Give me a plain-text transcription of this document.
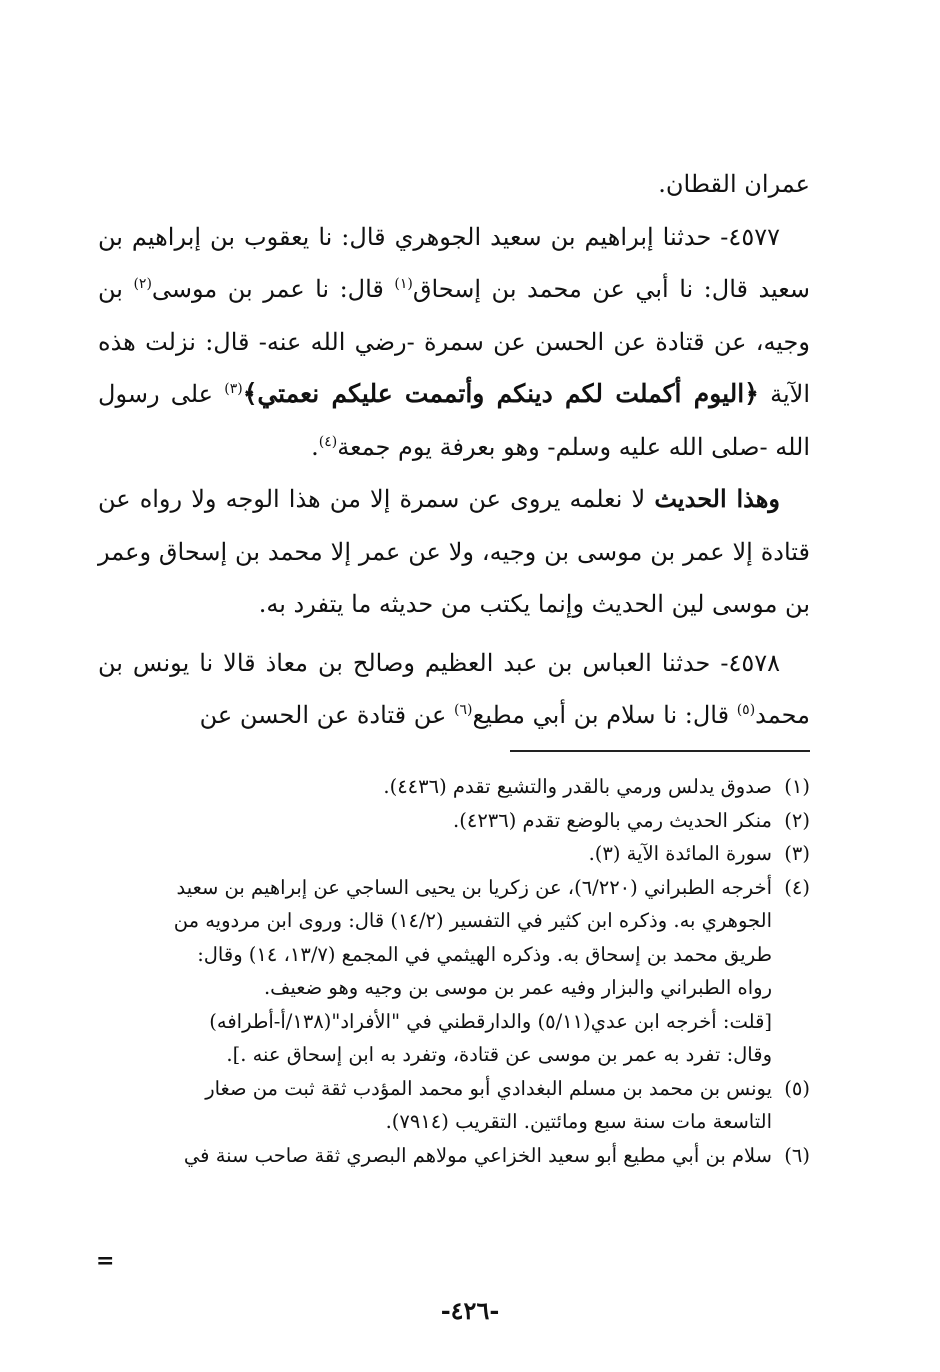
عمران القطان.

٤٥٧٧- حدثنا إبراهيم بن سعيد الجوهري قال: نا يعقوب بن إبراهيم بن سعيد قال: نا أبي عن محمد بن إسحاق$^{(١)}$ قال: نا عمر بن موسى$^{(٢)}$ بن وجيه، عن قتادة عن الحسن عن سمرة -رضي الله عنه- قال: نزلت هذه الآية ﴿اليوم أكملت لكم دينكم وأتممت عليكم نعمتي﴾$^{(٣)}$ على رسول الله -صلى الله عليه وسلم- وهو بعرفة يوم جمعة$^{(٤)}$.

وهذا الحديث لا نعلمه يروى عن سمرة إلا من هذا الوجه ولا رواه عن قتادة إلا عمر بن موسى بن وجيه، ولا عن عمر إلا محمد بن إسحاق وعمر بن موسى لين الحديث وإنما يكتب من حديثه ما يتفرد به.

٤٥٧٨- حدثنا العباس بن عبد العظيم وصالح بن معاذ قالا نا يونس بن محمد$^{(٥)}$ قال: نا سلام بن أبي مطيع$^{(٦)}$ عن قتادة عن الحسن عن

(١)
صدوق يدلس ورمي بالقدر والتشيع تقدم (٤٤٣٦).
(٢)
منكر الحديث رمي بالوضع تقدم (٤٢٣٦).
(٣)
سورة المائدة الآية (٣).
(٤)
أخرجه الطبراني (٦/٢٢٠)، عن زكريا بن يحيى الساجي عن إبراهيم بن سعيد
الجوهري به. وذكره ابن كثير في التفسير (١٤/٢) قال: وروى ابن مردويه من
طريق محمد بن إسحاق به. وذكره الهيثمي في المجمع (١٣/٧، ١٤) وقال:
رواه الطبراني والبزار وفيه عمر بن موسى بن وجيه وهو ضعيف.
[قلت: أخرجه ابن عدي(٥/١١) والدارقطني في "الأفراد"(١٣٨/أ-أطرافه)
وقال: تفرد به عمر بن موسى عن قتادة، وتفرد به ابن إسحاق عنه .].
(٥)
يونس بن محمد بن مسلم البغدادي أبو محمد المؤدب ثقة ثبت من صغار
التاسعة مات سنة سبع ومائتين. التقريب (٧٩١٤).
(٦)
سلام بن أبي مطيع أبو سعيد الخزاعي مولاهم البصري ثقة صاحب سنة في
=
-٤٢٦-
